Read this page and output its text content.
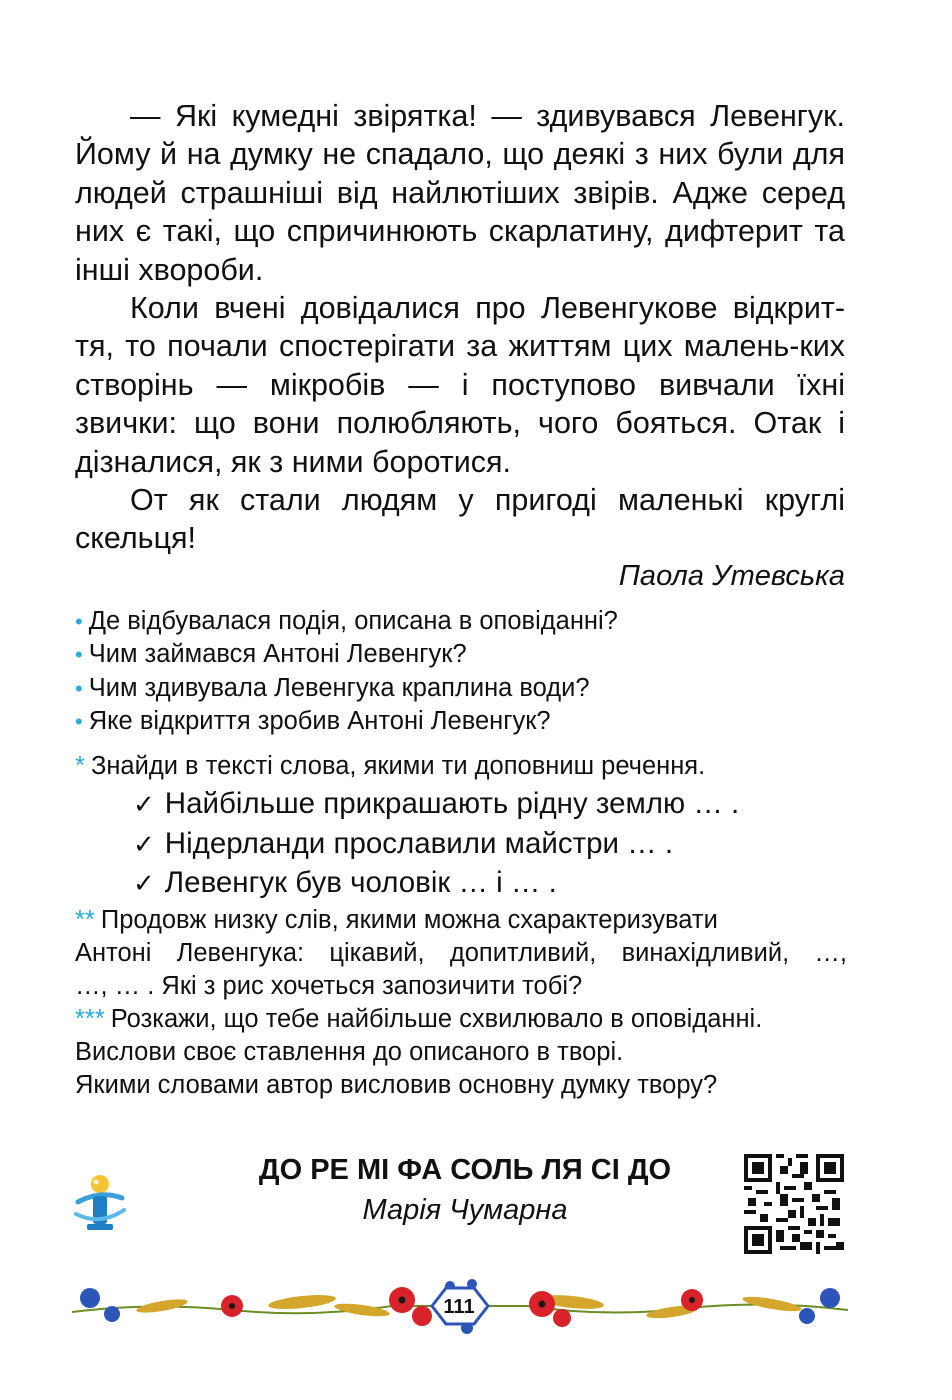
— Які кумедні звірятка! — здивувався Левенгук. Йому й на думку не спадало, що деякі з них були для людей страшніші від найлютіших звірів. Адже серед них є такі, що спричинюють скарлатину, дифтерит та інші хвороби.

Коли вчені довідалися про Левенгукове відкрит-тя, то почали спостерігати за життям цих малень-ких створінь — мікробів — і поступово вивчали їхні звички: що вони полюбляють, чого бояться. Отак і дізналися, як з ними боротися.

От як стали людям у пригоді маленькі круглі скельця!

Паола Утевська
• Де відбувалася подія, описана в оповіданні?
• Чим займався Антоні Левенгук?
• Чим здивувала Левенгука краплина води?
• Яке відкриття зробив Антоні Левенгук?
* Знайди в тексті слова, якими ти доповниш речення.
✓ Найбільше прикрашають рідну землю … .
✓ Нідерланди прославили майстри … .
✓ Левенгук був чоловік … і … .
** Продовж низку слів, якими можна схарактеризувати
Антоні Левенгука: цікавий, допитливий, винахідливий, …,
…, … . Які з рис хочеться запозичити тобі?
*** Розкажи, що тебе найбільше схвилювало в оповіданні.
Вислови своє ставлення до описаного в творі.
Якими словами автор висловив основну думку твору?
ДО РЕ МІ ФА СОЛЬ ЛЯ СІ ДО
Марія Чумарна
111
